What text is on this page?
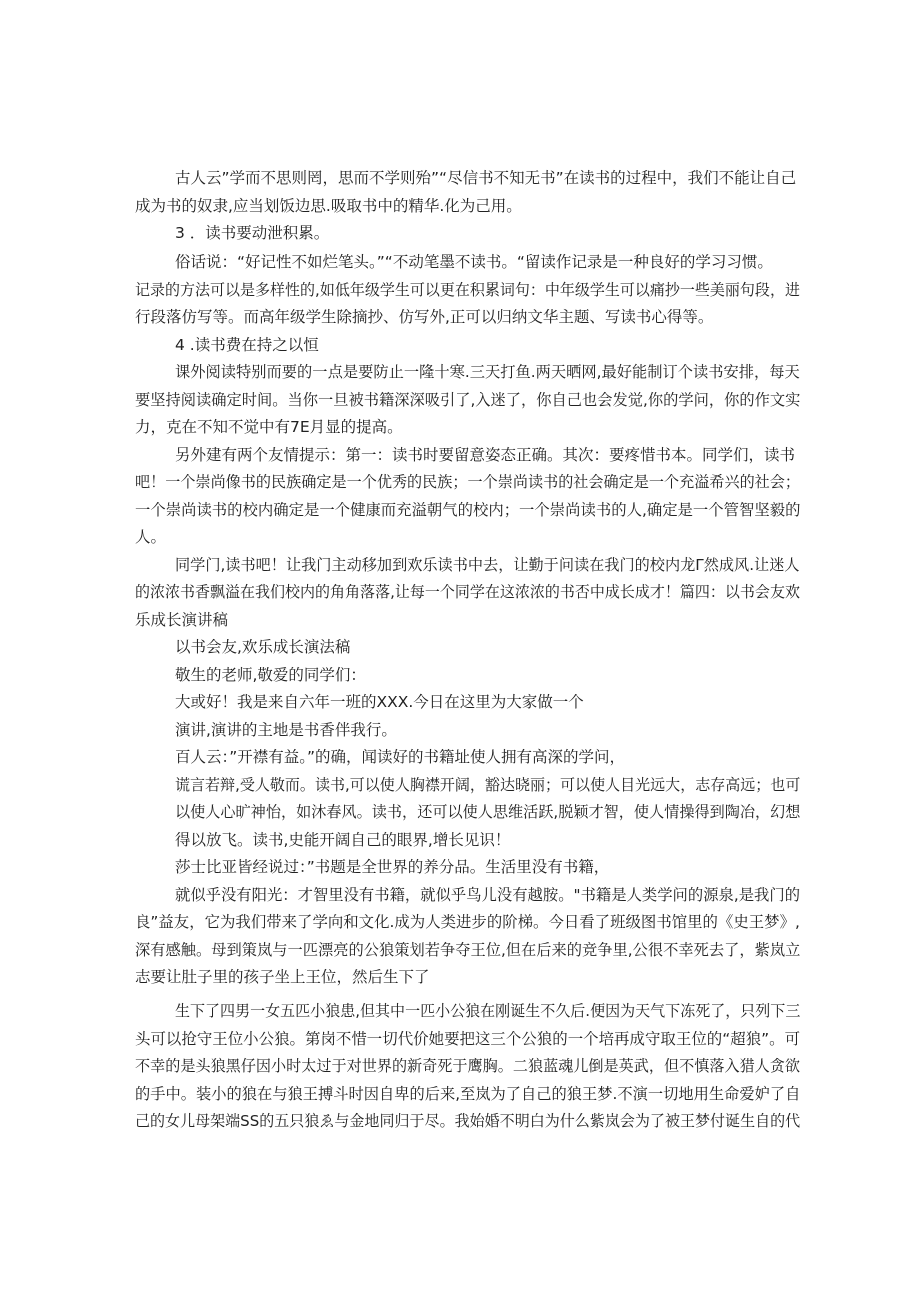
古人云”学而不思则罔，思而不学则殆”“尽信书不知无书”在读书的过程中，我们不能让自己
成为书的奴隶,应当划饭边思.吸取书中的精华.化为己用。
3 ．读书要动泄积累。
俗话说：“好记性不如烂笔头。”“不动笔墨不读书。“留读作记录是一种良好的学习习惯。
记录的方法可以是多样性的,如低年级学生可以更在积累词句：中年级学生可以痛抄一些美丽句段，进
行段落仿写等。而高年级学生除摘抄、仿写外,正可以归纳文华主题、写读书心得等。
4 .读书费在持之以恒
课外阅读特别而要的一点是要防止一隆十寒.三天打鱼.两天晒网,最好能制订个读书安排，每天
要坚持阅读确定时间。当你一旦被书籍深深吸引了,入迷了，你自己也会发觉,你的学问，你的作文实
力，克在不知不觉中有7E月显的提高。
另外建有两个友情提示：第一：读书时要留意姿态正确。其次：要疼惜书本。同学们，读书
吧！一个崇尚像书的民族确定是一个优秀的民族；一个崇尚读书的社会确定是一个充溢希兴的社会；
一个崇尚读书的校内确定是一个健康而充溢朝气的校内；一个崇尚读书的人,确定是一个管智坚毅的
人。
同学门,读书吧！让我门主动移加到欢乐读书中去，让勤于问读在我门的校内龙Γ然成风.让迷人
的浓浓书香飘溢在我们校内的角角落落,让每一个同学在这浓浓的书否中成长成才！篇四：以书会友欢
乐成长演讲稿
以书会友,欢乐成长演法稿
敬生的老师,敬爱的同学们：
大或好！我是来自六年一班的XXX.今日在这里为大家做一个
演讲,演讲的主地是书香伴我行。
百人云：”开襟有益。”的确，闻读好的书籍址使人拥有高深的学问，
谎言若辩,受人敬而。读书,可以使人胸襟开阔，豁达晓丽；可以使人目光远大，志存高远；也可
以使人心旷神怡，如沐春风。读书，还可以使人思维活跃,脱颖才智，使人情操得到陶冶，幻想
得以放飞。读书,史能开阔自己的眼界,增长见识！
莎士比亚皆经说过：”书题是全世界的养分品。生活里没有书籍，
就似乎没有阳光：才智里没有书籍，就似乎鸟儿没有越胺。"书籍是人类学问的源泉,是我门的
良”益友，它为我们带来了学向和文化.成为人类进步的阶梯。今日看了班级图书馆里的《史王梦》,
深有感触。母到策岚与一匹漂亮的公狼策划若争夺王位,但在后来的竞争里,公很不幸死去了，紫岚立
志要让肚子里的孩子坐上王位，然后生下了
生下了四男一女五匹小狼患,但其中一匹小公狼在刚诞生不久后.便因为天气下冻死了，只列下三
头可以抢守王位小公狼。第岗不惜一切代价她要把这三个公狼的一个培再成守取王位的“超狼”。可
不幸的是头狼黑仔因小时太过于对世界的新奇死于鹰胸。二狼蓝魂儿倒是英武，但不慎落入猎人贪欲
的手中。装小的狼在与狼王搏斗时因自卑的后来,至岚为了自己的狼王梦.不演一切地用生命爱妒了自
己的女儿母架端SS的五只狼ゑ与金地同归于尽。我始婚不明白为什么紫岚会为了被王梦付诞生自的代
